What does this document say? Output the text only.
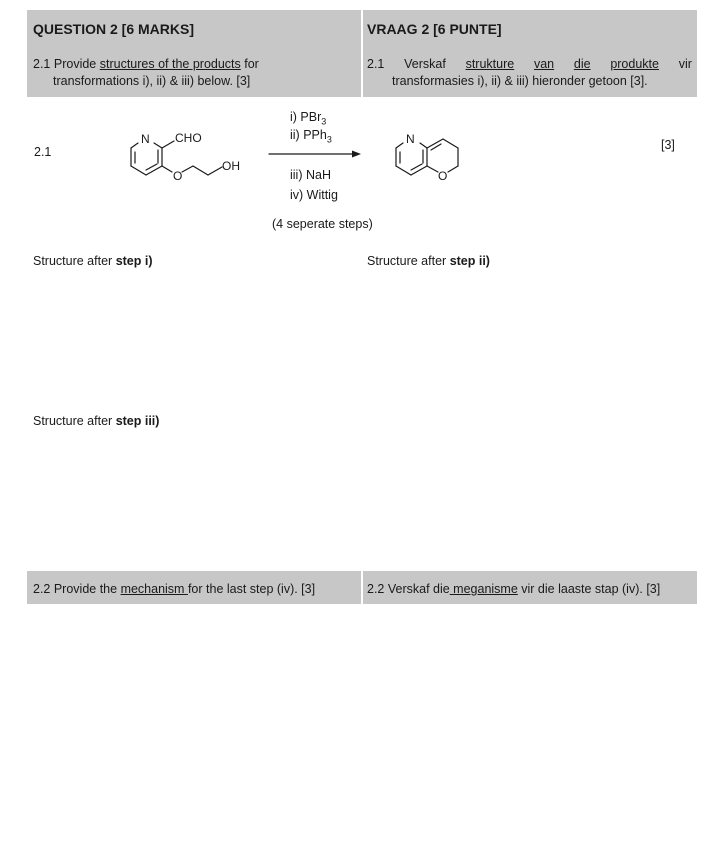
QUESTION 2 [6 MARKS]	VRAAG 2 [6 PUNTE]
2.1 Provide structures of the products for
transformations i), ii) & iii) below. [3]
2.1 Verskaf strukture van die produkte vir
transformasies i), ii) & iii) hieronder getoon [3].
2.1	[3]
N CHO
O
OH
N
O
i) PBr$_3$
ii) PPh$_3$
iii) NaH
iv) Wittig
(4 seperate steps)
Structure after step i)	Structure after step ii)
Structure after step iii)
2.2 Provide the mechanism for the last step (iv). [3]	2.2 Verskaf die meganisme vir die laaste stap (iv). [3]
